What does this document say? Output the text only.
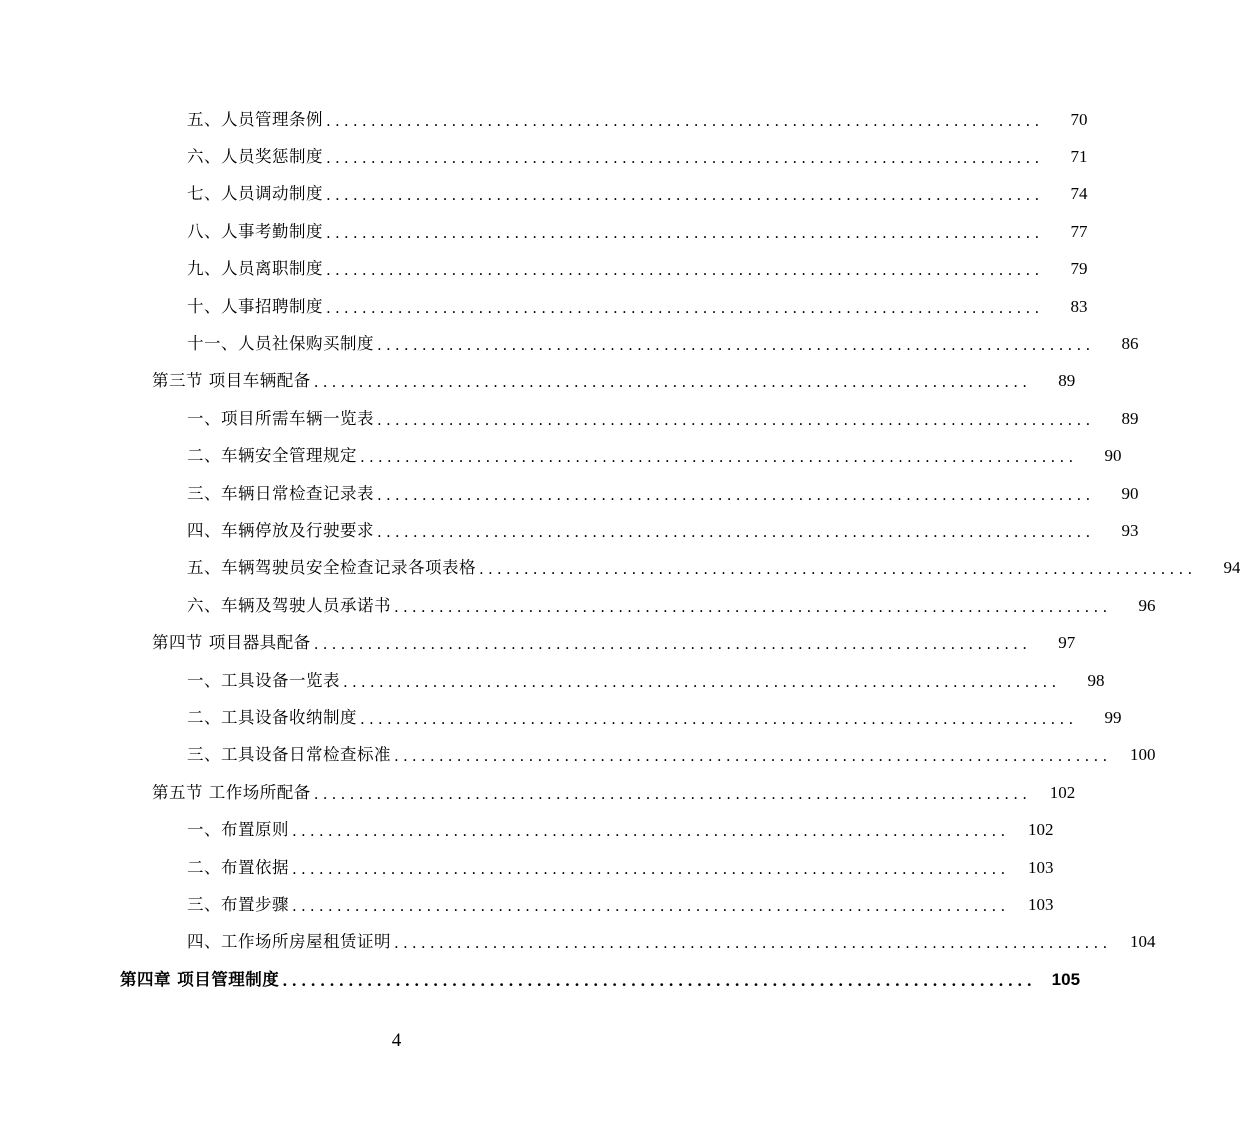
五、人员管理条例 ................................................................................	70
六、人员奖惩制度 ................................................................................	71
七、人员调动制度 ................................................................................	74
八、人事考勤制度 ................................................................................	77
九、人员离职制度 ................................................................................	79
十、人事招聘制度 ................................................................................	83
十一、人员社保购买制度 ................................................................................	86
第三节 项目车辆配备 ................................................................................	89
一、项目所需车辆一览表 ................................................................................	89
二、车辆安全管理规定 ................................................................................	90
三、车辆日常检查记录表 ................................................................................	90
四、车辆停放及行驶要求 ................................................................................	93
五、车辆驾驶员安全检查记录各项表格 ................................................................................	94
六、车辆及驾驶人员承诺书 ................................................................................	96
第四节 项目器具配备 ................................................................................	97
一、工具设备一览表 ................................................................................	98
二、工具设备收纳制度 ................................................................................	99
三、工具设备日常检查标准 ................................................................................	100
第五节 工作场所配备 ................................................................................	102
一、布置原则 ................................................................................	102
二、布置依据 ................................................................................	103
三、布置步骤 ................................................................................	103
四、工作场所房屋租赁证明 ................................................................................	104
第四章 项目管理制度 ................................................................................ 105
4
